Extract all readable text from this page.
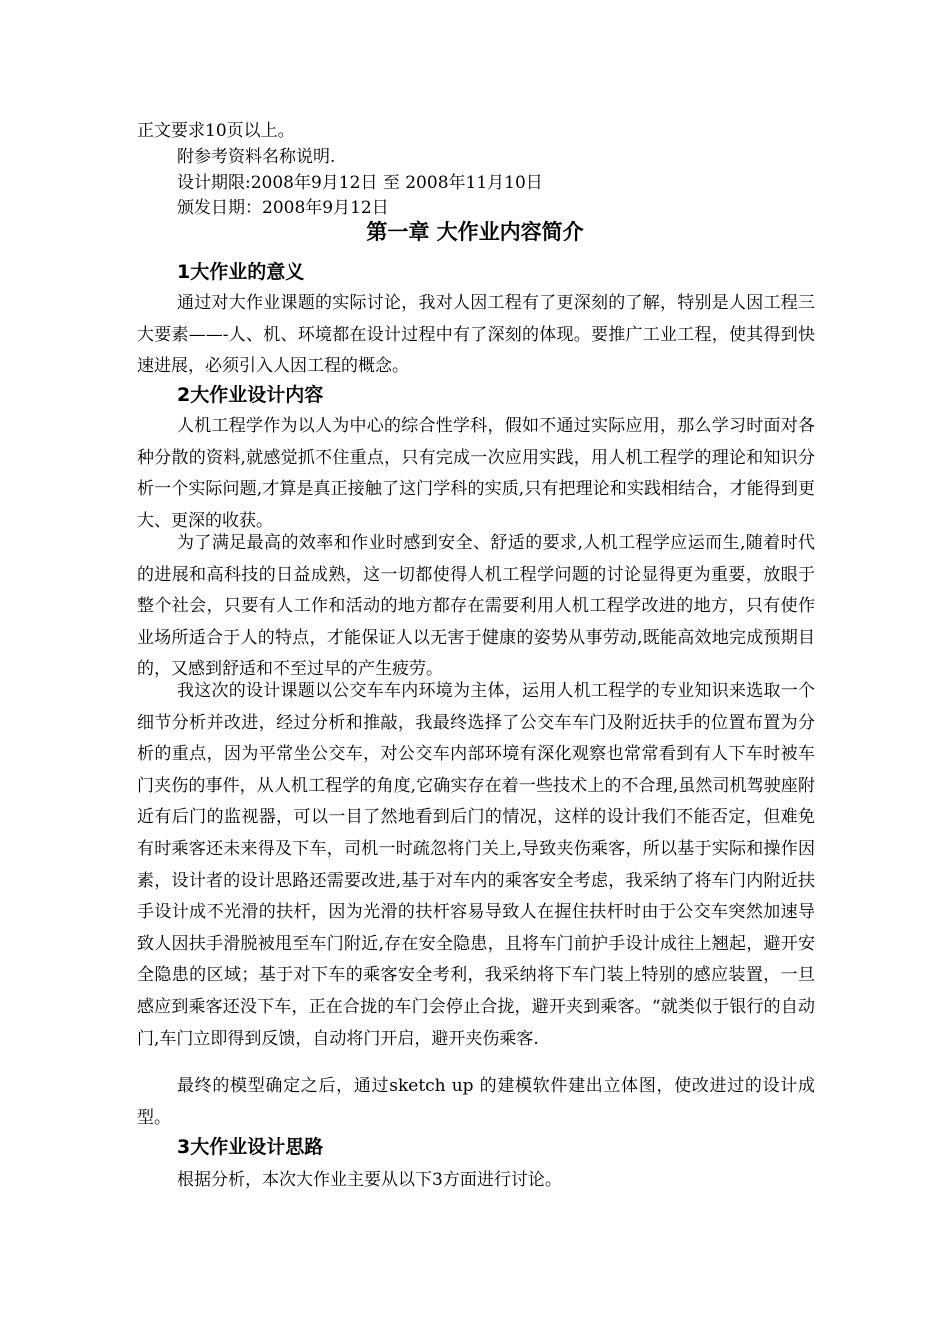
正文要求10页以上。

附参考资料名称说明.

设计期限:2008年9月12日 至 2008年11月10日

颁发日期：2008年9月12日

第一章 大作业内容简介
1大作业的意义

通过对大作业课题的实际讨论，我对人因工程有了更深刻的了解，特别是人因工程三大要素——-人、机、环境都在设计过程中有了深刻的体现。要推广工业工程，使其得到快速进展，必须引入人因工程的概念。

2大作业设计内容

人机工程学作为以人为中心的综合性学科，假如不通过实际应用，那么学习时面对各种分散的资料,就感觉抓不住重点，只有完成一次应用实践，用人机工程学的理论和知识分析一个实际问题,才算是真正接触了这门学科的实质,只有把理论和实践相结合，才能得到更大、更深的收获。

为了满足最高的效率和作业时感到安全、舒适的要求,人机工程学应运而生,随着时代的进展和高科技的日益成熟，这一切都使得人机工程学问题的讨论显得更为重要，放眼于整个社会，只要有人工作和活动的地方都存在需要利用人机工程学改进的地方，只有使作业场所适合于人的特点，才能保证人以无害于健康的姿势从事劳动,既能高效地完成预期目的，又感到舒适和不至过早的产生疲劳。

我这次的设计课题以公交车车内环境为主体，运用人机工程学的专业知识来选取一个细节分析并改进，经过分析和推敲，我最终选择了公交车车门及附近扶手的位置布置为分析的重点，因为平常坐公交车，对公交车内部环境有深化观察也常常看到有人下车时被车门夹伤的事件，从人机工程学的角度,它确实存在着一些技术上的不合理,虽然司机驾驶座附近有后门的监视器，可以一目了然地看到后门的情况，这样的设计我们不能否定，但难免有时乘客还未来得及下车，司机一时疏忽将门关上,导致夹伤乘客，所以基于实际和操作因素，设计者的设计思路还需要改进,基于对车内的乘客安全考虑，我采纳了将车门内附近扶手设计成不光滑的扶杆，因为光滑的扶杆容易导致人在握住扶杆时由于公交车突然加速导致人因扶手滑脱被甩至车门附近,存在安全隐患，且将车门前护手设计成往上翘起，避开安全隐患的区域；基于对下车的乘客安全考利，我采纳将下车门装上特别的感应装置，一旦感应到乘客还没下车，正在合拢的车门会停止合拢，避开夹到乘客。“就类似于银行的自动门,车门立即得到反馈，自动将门开启，避开夹伤乘客.

最终的模型确定之后，通过sketch up 的建模软件建出立体图，使改进过的设计成型。

3大作业设计思路

根据分析，本次大作业主要从以下3方面进行讨论。
